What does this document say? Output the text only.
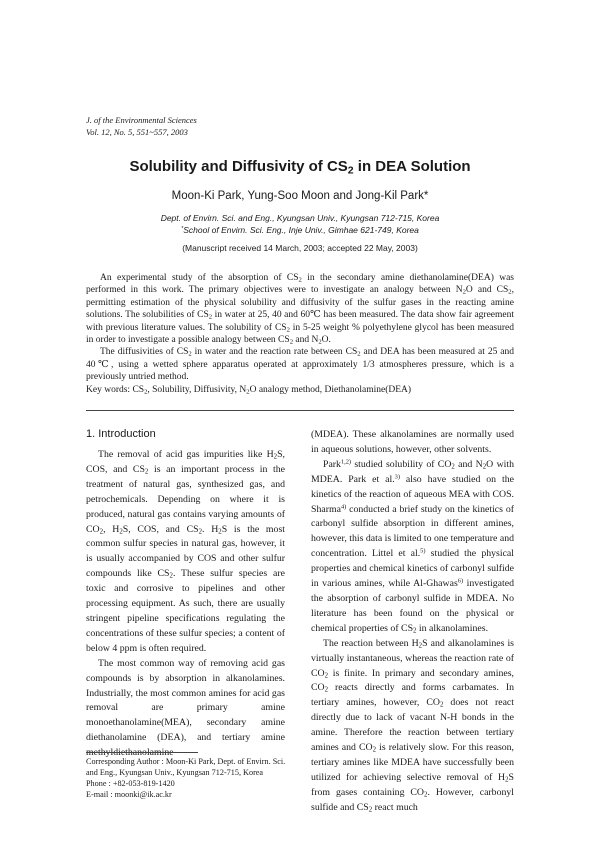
J. of the Environmental Sciences
Vol. 12, No. 5, 551~557, 2003
Solubility and Diffusivity of $CS_2$ in DEA Solution
Moon-Ki Park, Yung-Soo Moon and Jong-Kil Park*
Dept. of Envirn. Sci. and Eng., Kyungsan Univ., Kyungsan 712-715, Korea
*School of Envirn. Sci. Eng., Inje Univ., Gimhae 621-749, Korea
(Manuscript received 14 March, 2003; accepted 22 May, 2003)

An experimental study of the absorption of $CS_2$ in the secondary amine diethanolamine(DEA) was performed in this work. The primary objectives were to investigate an analogy between $N_2O$ and $CS_2$, permitting estimation of the physical solubility and diffusivity of the sulfur gases in the reacting amine solutions. The solubilities of $CS_2$ in water at 25, 40 and 60℃ has been measured. The data show fair agreement with previous literature values. The solubility of $CS_2$ in 5-25 weight % polyethylene glycol has been measured in order to investigate a possible analogy between $CS_2$ and $N_2O$.

The diffusivities of $CS_2$ in water and the reaction rate between $CS_2$ and DEA has been measured at 25 and 40℃, using a wetted sphere apparatus operated at approximately 1/3 atmospheres pressure, which is a previously untried method.

Key words: $CS_2$, Solubility, Diffusivity, $N_2O$ analogy method, Diethanolamine(DEA)
1. Introduction

The removal of acid gas impurities like $H_2S$, COS, and $CS_2$ is an important process in the treatment of natural gas, synthesized gas, and petrochemicals. Depending on where it is produced, natural gas contains varying amounts of $CO_2$, $H_2S$, COS, and $CS_2$. $H_2S$ is the most common sulfur species in natural gas, however, it is usually accompanied by COS and other sulfur compounds like $CS_2$. These sulfur species are toxic and corrosive to pipelines and other processing equipment. As such, there are usually stringent pipeline specifications regulating the concentrations of these sulfur species; a content of below 4 ppm is often required.

The most common way of removing acid gas compounds is by absorption in alkanolamines. Industrially, the most common amines for acid gas removal are primary amine monoethanolamine(MEA), secondary amine diethanolamine (DEA), and tertiary amine methyldiethanolamine

(MDEA). These alkanolamines are normally used in aqueous solutions, however, other solvents.

Park$^{1,2)}$ studied solubility of $CO_2$ and $N_2O$ with MDEA. Park et al.$^{3)}$ also have studied on the kinetics of the reaction of aqueous MEA with COS. Sharma$^{4)}$ conducted a brief study on the kinetics of carbonyl sulfide absorption in different amines, however, this data is limited to one temperature and concentration. Littel et al.$^{5)}$ studied the physical properties and chemical kinetics of carbonyl sulfide in various amines, while Al-Ghawas$^{6)}$ investigated the absorption of carbonyl sulfide in MDEA. No literature has been found on the physical or chemical properties of $CS_2$ in alkanolamines.

The reaction between $H_2S$ and alkanolamines is virtually instantaneous, whereas the reaction rate of $CO_2$ is finite. In primary and secondary amines, $CO_2$ reacts directly and forms carbamates. In tertiary amines, however, $CO_2$ does not react directly due to lack of vacant N-H bonds in the amine. Therefore the reaction between tertiary amines and $CO_2$ is relatively slow. For this reason, tertiary amines like MDEA have successfully been utilized for achieving selective removal of $H_2S$ from gases containing $CO_2$. However, carbonyl sulfide and $CS_2$ react much

Corresponding Author : Moon-Ki Park, Dept. of Envirn. Sci. and Eng., Kyungsan Univ., Kyungsan 712-715, Korea
Phone : +82-053-819-1420
E-mail : moonki@ik.ac.kr
